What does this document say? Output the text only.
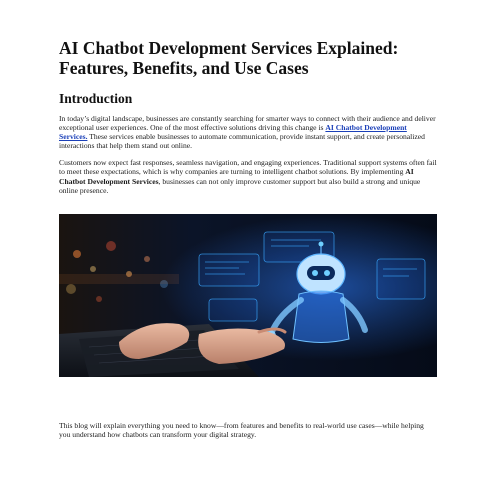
AI Chatbot Development Services Explained: Features, Benefits, and Use Cases
Introduction

In today’s digital landscape, businesses are constantly searching for smarter ways to connect with their audience and deliver exceptional user experiences. One of the most effective solutions driving this change is AI Chatbot Development Services. These services enable businesses to automate communication, provide instant support, and create personalized interactions that help them stand out online.

Customers now expect fast responses, seamless navigation, and engaging experiences. Traditional support systems often fail to meet these expectations, which is why companies are turning to intelligent chatbot solutions. By implementing AI Chatbot Development Services, businesses can not only improve customer support but also build a strong and unique online presence.

This blog will explain everything you need to know—from features and benefits to real-world use cases—while helping you understand how chatbots can transform your digital strategy.
